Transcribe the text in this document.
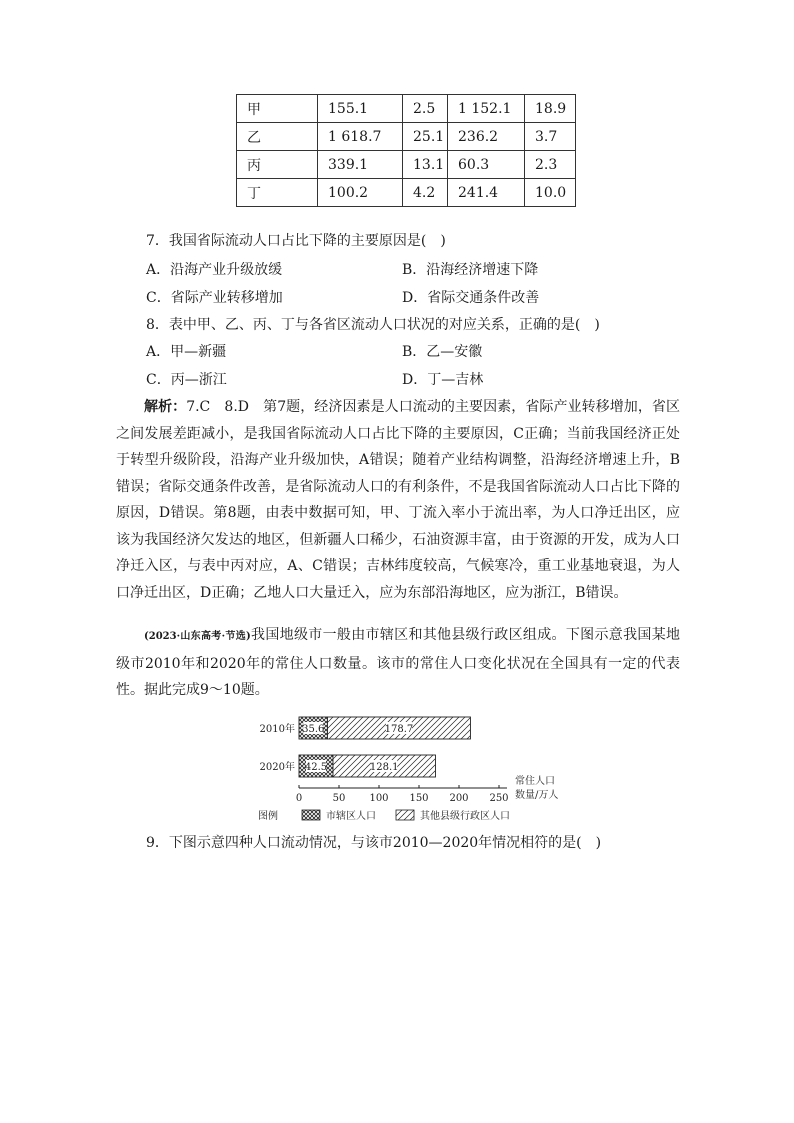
甲	155.1	2.5	1 152.1	18.9
乙	1 618.7	25.1	236.2	3.7
丙	339.1	13.1	60.3	2.3
丁	100.2	4.2	241.4	10.0
7．我国省际流动人口占比下降的主要原因是(　)
A．沿海产业升级放缓	B．沿海经济增速下降
C．省际产业转移增加	D．省际交通条件改善
8．表中甲、乙、丙、丁与各省区流动人口状况的对应关系，正确的是(　)
A．甲—新疆	B．乙—安徽
C．丙—浙江	D．丁—吉林
解析：7.C　8.D　第7题，经济因素是人口流动的主要因素，省际产业转移增加，省区之间发展差距减小，是我国省际流动人口占比下降的主要原因，C正确；当前我国经济正处于转型升级阶段，沿海产业升级加快，A错误；随着产业结构调整，沿海经济增速上升，B错误；省际交通条件改善，是省际流动人口的有利条件，不是我国省际流动人口占比下降的原因，D错误。第8题，由表中数据可知，甲、丁流入率小于流出率，为人口净迁出区，应该为我国经济欠发达的地区，但新疆人口稀少，石油资源丰富，由于资源的开发，成为人口净迁入区，与表中丙对应，A、C错误；吉林纬度较高，气候寒冷，重工业基地衰退，为人口净迁出区，D正确；乙地人口大量迁入，应为东部沿海地区，应为浙江，B错误。
(2023·山东高考·节选)我国地级市一般由市辖区和其他县级行政区组成。下图示意我国某地级市2010年和2020年的常住人口数量。该市的常住人口变化状况在全国具有一定的代表性。据此完成9～10题。
0	50 100 150 200 250
常住人口
数量/万人
2010年 35.6	178.7
2020年 42.5	128.1
图例	市辖区人口	其他县级行政区人口
9．下图示意四种人口流动情况，与该市2010—2020年情况相符的是(　)
